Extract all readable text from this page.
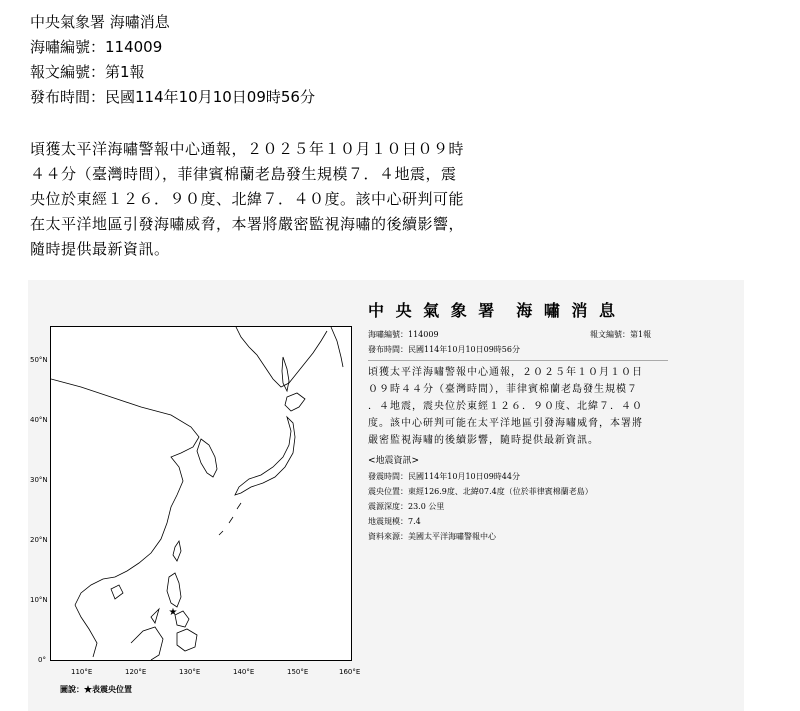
中央氣象署 海嘯消息
海嘯編號：114009
報文編號：第1報
發布時間：民國114年10月10日09時56分
頃獲太平洋海嘯警報中心通報，２０２５年１０月１０日０９時
４４分（臺灣時間），菲律賓棉蘭老島發生規模７．４地震，震
央位於東經１２６．９０度、北緯７．４０度。該中心研判可能
在太平洋地區引發海嘯威脅，本署將嚴密監視海嘯的後續影響，
隨時提供最新資訊。
50°N
40°N
30°N
20°N
10°N
0°
★
110°E	120°E	130°E	140°E	150°E	160°E
圖說：★表震央位置
中 央 氣 象 署　海 嘯 消 息
海嘯編號：114009	報文編號：第1報
發布時間：民國114年10月10日09時56分
頃獲太平洋海嘯警報中心通報，２０２５年１０月１０日
０９時４４分（臺灣時間），菲律賓棉蘭老島發生規模７
．４地震，震央位於東經１２６．９０度、北緯７．４０
度。該中心研判可能在太平洋地區引發海嘯威脅，本署將
嚴密監視海嘯的後續影響，隨時提供最新資訊。
<地震資訊>
發震時間：民國114年10月10日09時44分
震央位置：東經126.9度、北緯07.4度（位於菲律賓棉蘭老島）
震源深度：23.0 公里
地震規模：7.4
資料來源：美國太平洋海嘯警報中心
